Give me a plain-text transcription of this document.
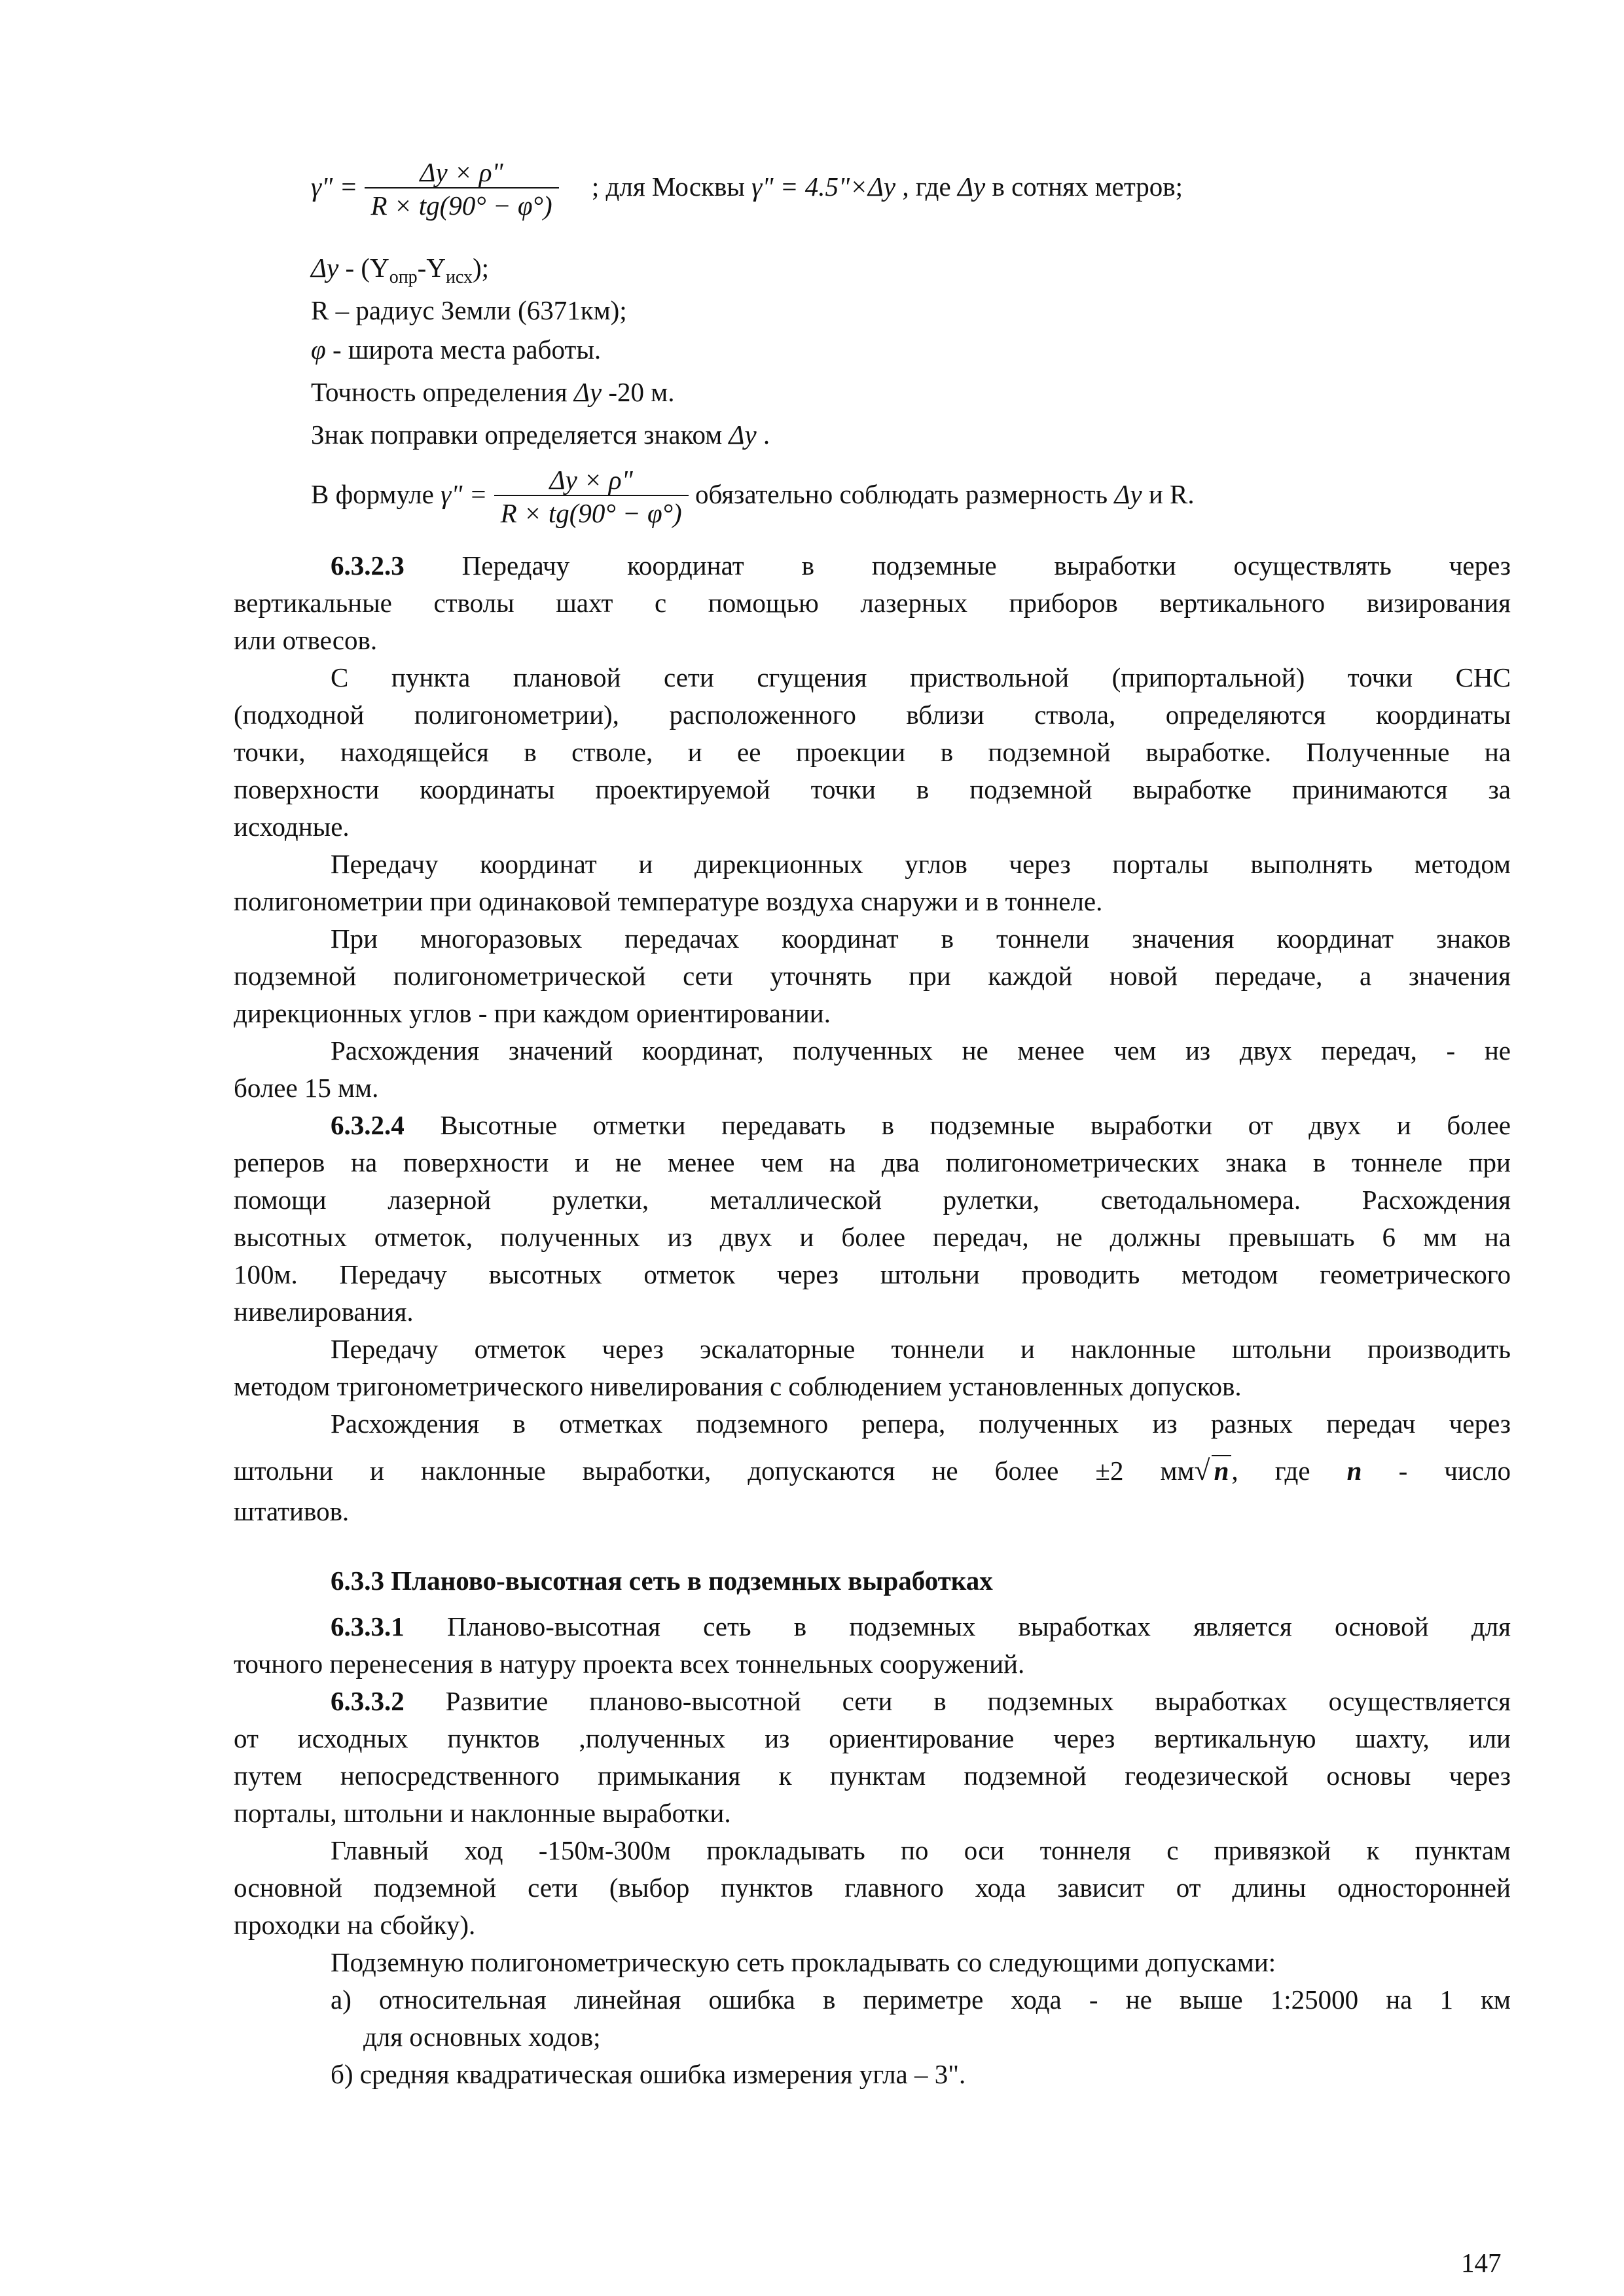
γ" = $\frac{\Delta y \times \rho"}{R \times tg(90^\circ - \varphi^\circ)}$ ; для Москвы γ" = 4.5"×Δy , где Δy в сотнях метров;
Δy - $(Y_{опр}-Y_{исх})$;
R – радиус Земли (6371км);
φ - широта места работы.
Точность определения Δy -20 м.
Знак поправки определяется знаком Δy .
В формуле γ" = $\frac{\Delta y \times \rho"}{R \times tg(90^\circ - \varphi^\circ)}$ обязательно соблюдать размерность Δy и R.
6.3.2.3 Передачу координат в подземные выработки осуществлять через
вертикальные стволы шахт с помощью лазерных приборов вертикального визирования
или отвесов.
С пункта плановой сети сгущения приствольной (припортальной) точки СНС
(подходной полигонометрии), расположенного вблизи ствола, определяются координаты
точки, находящейся в стволе, и ее проекции в подземной выработке. Полученные на
поверхности координаты проектируемой точки в подземной выработке принимаются за
исходные.
Передачу координат и дирекционных углов через порталы выполнять методом
полигонометрии при одинаковой температуре воздуха снаружи и в тоннеле.
При многоразовых передачах координат в тоннели значения координат знаков
подземной полигонометрической сети уточнять при каждой новой передаче, а значения
дирекционных углов - при каждом ориентировании.
Расхождения значений координат, полученных не менее чем из двух передач, - не
более 15 мм.
6.3.2.4 Высотные отметки передавать в подземные выработки от двух и более
реперов на поверхности и не менее чем на два полигонометрических знака в тоннеле при
помощи лазерной рулетки, металлической рулетки, светодальномера. Расхождения
высотных отметок, полученных из двух и более передач, не должны превышать 6 мм на
100м. Передачу высотных отметок через штольни проводить методом геометрического
нивелирования.
Передачу отметок через эскалаторные тоннели и наклонные штольни производить
методом тригонометрического нивелирования с соблюдением установленных допусков.
Расхождения в отметках подземного репера, полученных из разных передач через
штольни и наклонные выработки, допускаются не более ±2 мм√ n, где n - число
штативов.
6.3.3 Планово-высотная сеть в подземных выработках
6.3.3.1 Планово-высотная сеть в подземных выработках является основой для
точного перенесения в натуру проекта всех тоннельных сооружений.
6.3.3.2 Развитие планово-высотной сети в подземных выработках осуществляется
от исходных пунктов ,полученных из ориентирование через вертикальную шахту, или
путем непосредственного примыкания к пунктам подземной геодезической основы через
порталы, штольни и наклонные выработки.
Главный ход -150м-300м прокладывать по оси тоннеля с привязкой к пунктам
основной подземной сети (выбор пунктов главного хода зависит от длины односторонней
проходки на сбойку).
Подземную полигонометрическую сеть прокладывать со следующими допусками:
а) относительная линейная ошибка в периметре хода - не выше 1:25000 на 1 км
для основных ходов;
б) средняя квадратическая ошибка измерения угла – 3".
147
